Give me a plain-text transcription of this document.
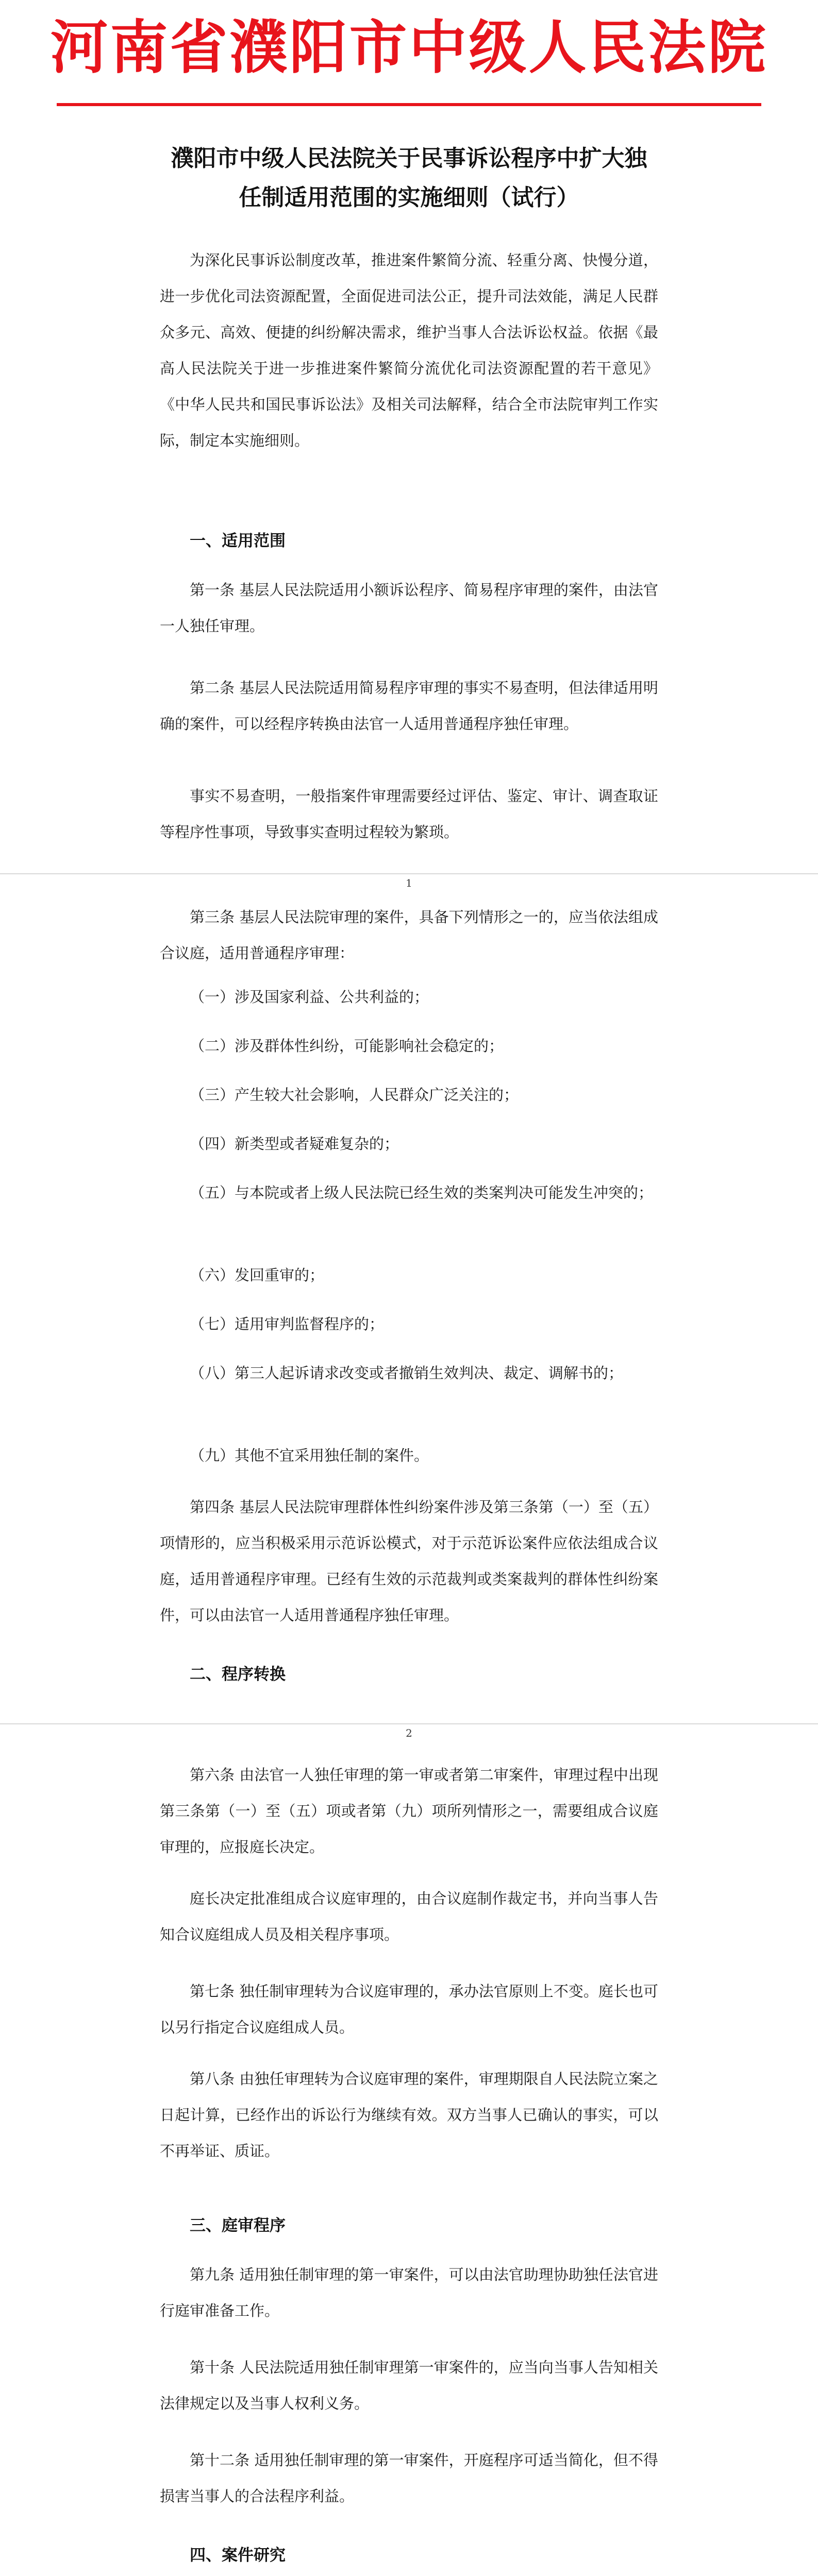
河南省濮阳市中级人民法院
濮阳市中级人民法院关于民事诉讼程序中扩大独任制适用范围的实施细则（试行）

为深化民事诉讼制度改革，推进案件繁简分流、轻重分离、快慢分道，进一步优化司法资源配置，全面促进司法公正，提升司法效能，满足人民群众多元、高效、便捷的纠纷解决需求，维护当事人合法诉讼权益。依据《最高人民法院关于进一步推进案件繁简分流优化司法资源配置的若干意见》《中华人民共和国民事诉讼法》及相关司法解释，结合全市法院审判工作实际，制定本实施细则。

一、适用范围

第一条 基层人民法院适用小额诉讼程序、简易程序审理的案件，由法官一人独任审理。

第二条 基层人民法院适用简易程序审理的事实不易查明，但法律适用明确的案件，可以经程序转换由法官一人适用普通程序独任审理。

事实不易查明，一般指案件审理需要经过评估、鉴定、审计、调查取证等程序性事项，导致事实查明过程较为繁琐。

1

第三条 基层人民法院审理的案件，具备下列情形之一的，应当依法组成合议庭，适用普通程序审理：

（一）涉及国家利益、公共利益的；

（二）涉及群体性纠纷，可能影响社会稳定的；

（三）产生较大社会影响，人民群众广泛关注的；

（四）新类型或者疑难复杂的；

（五）与本院或者上级人民法院已经生效的类案判决可能发生冲突的；

（六）发回重审的；

（七）适用审判监督程序的；

（八）第三人起诉请求改变或者撤销生效判决、裁定、调解书的；

（九）其他不宜采用独任制的案件。

第四条 基层人民法院审理群体性纠纷案件涉及第三条第（一）至（五）项情形的，应当积极采用示范诉讼模式，对于示范诉讼案件应依法组成合议庭，适用普通程序审理。已经有生效的示范裁判或类案裁判的群体性纠纷案件，可以由法官一人适用普通程序独任审理。

二、程序转换
2

第六条 由法官一人独任审理的第一审或者第二审案件，审理过程中出现第三条第（一）至（五）项或者第（九）项所列情形之一，需要组成合议庭审理的，应报庭长决定。

庭长决定批准组成合议庭审理的，由合议庭制作裁定书，并向当事人告知合议庭组成人员及相关程序事项。

第七条 独任制审理转为合议庭审理的，承办法官原则上不变。庭长也可以另行指定合议庭组成人员。

第八条 由独任审理转为合议庭审理的案件，审理期限自人民法院立案之日起计算，已经作出的诉讼行为继续有效。双方当事人已确认的事实，可以不再举证、质证。

三、庭审程序

第九条 适用独任制审理的第一审案件，可以由法官助理协助独任法官进行庭审准备工作。

第十条 人民法院适用独任制审理第一审案件的，应当向当事人告知相关法律规定以及当事人权利义务。

第十二条 适用独任制审理的第一审案件，开庭程序可适当简化，但不得损害当事人的合法程序利益。

四、案件研究
